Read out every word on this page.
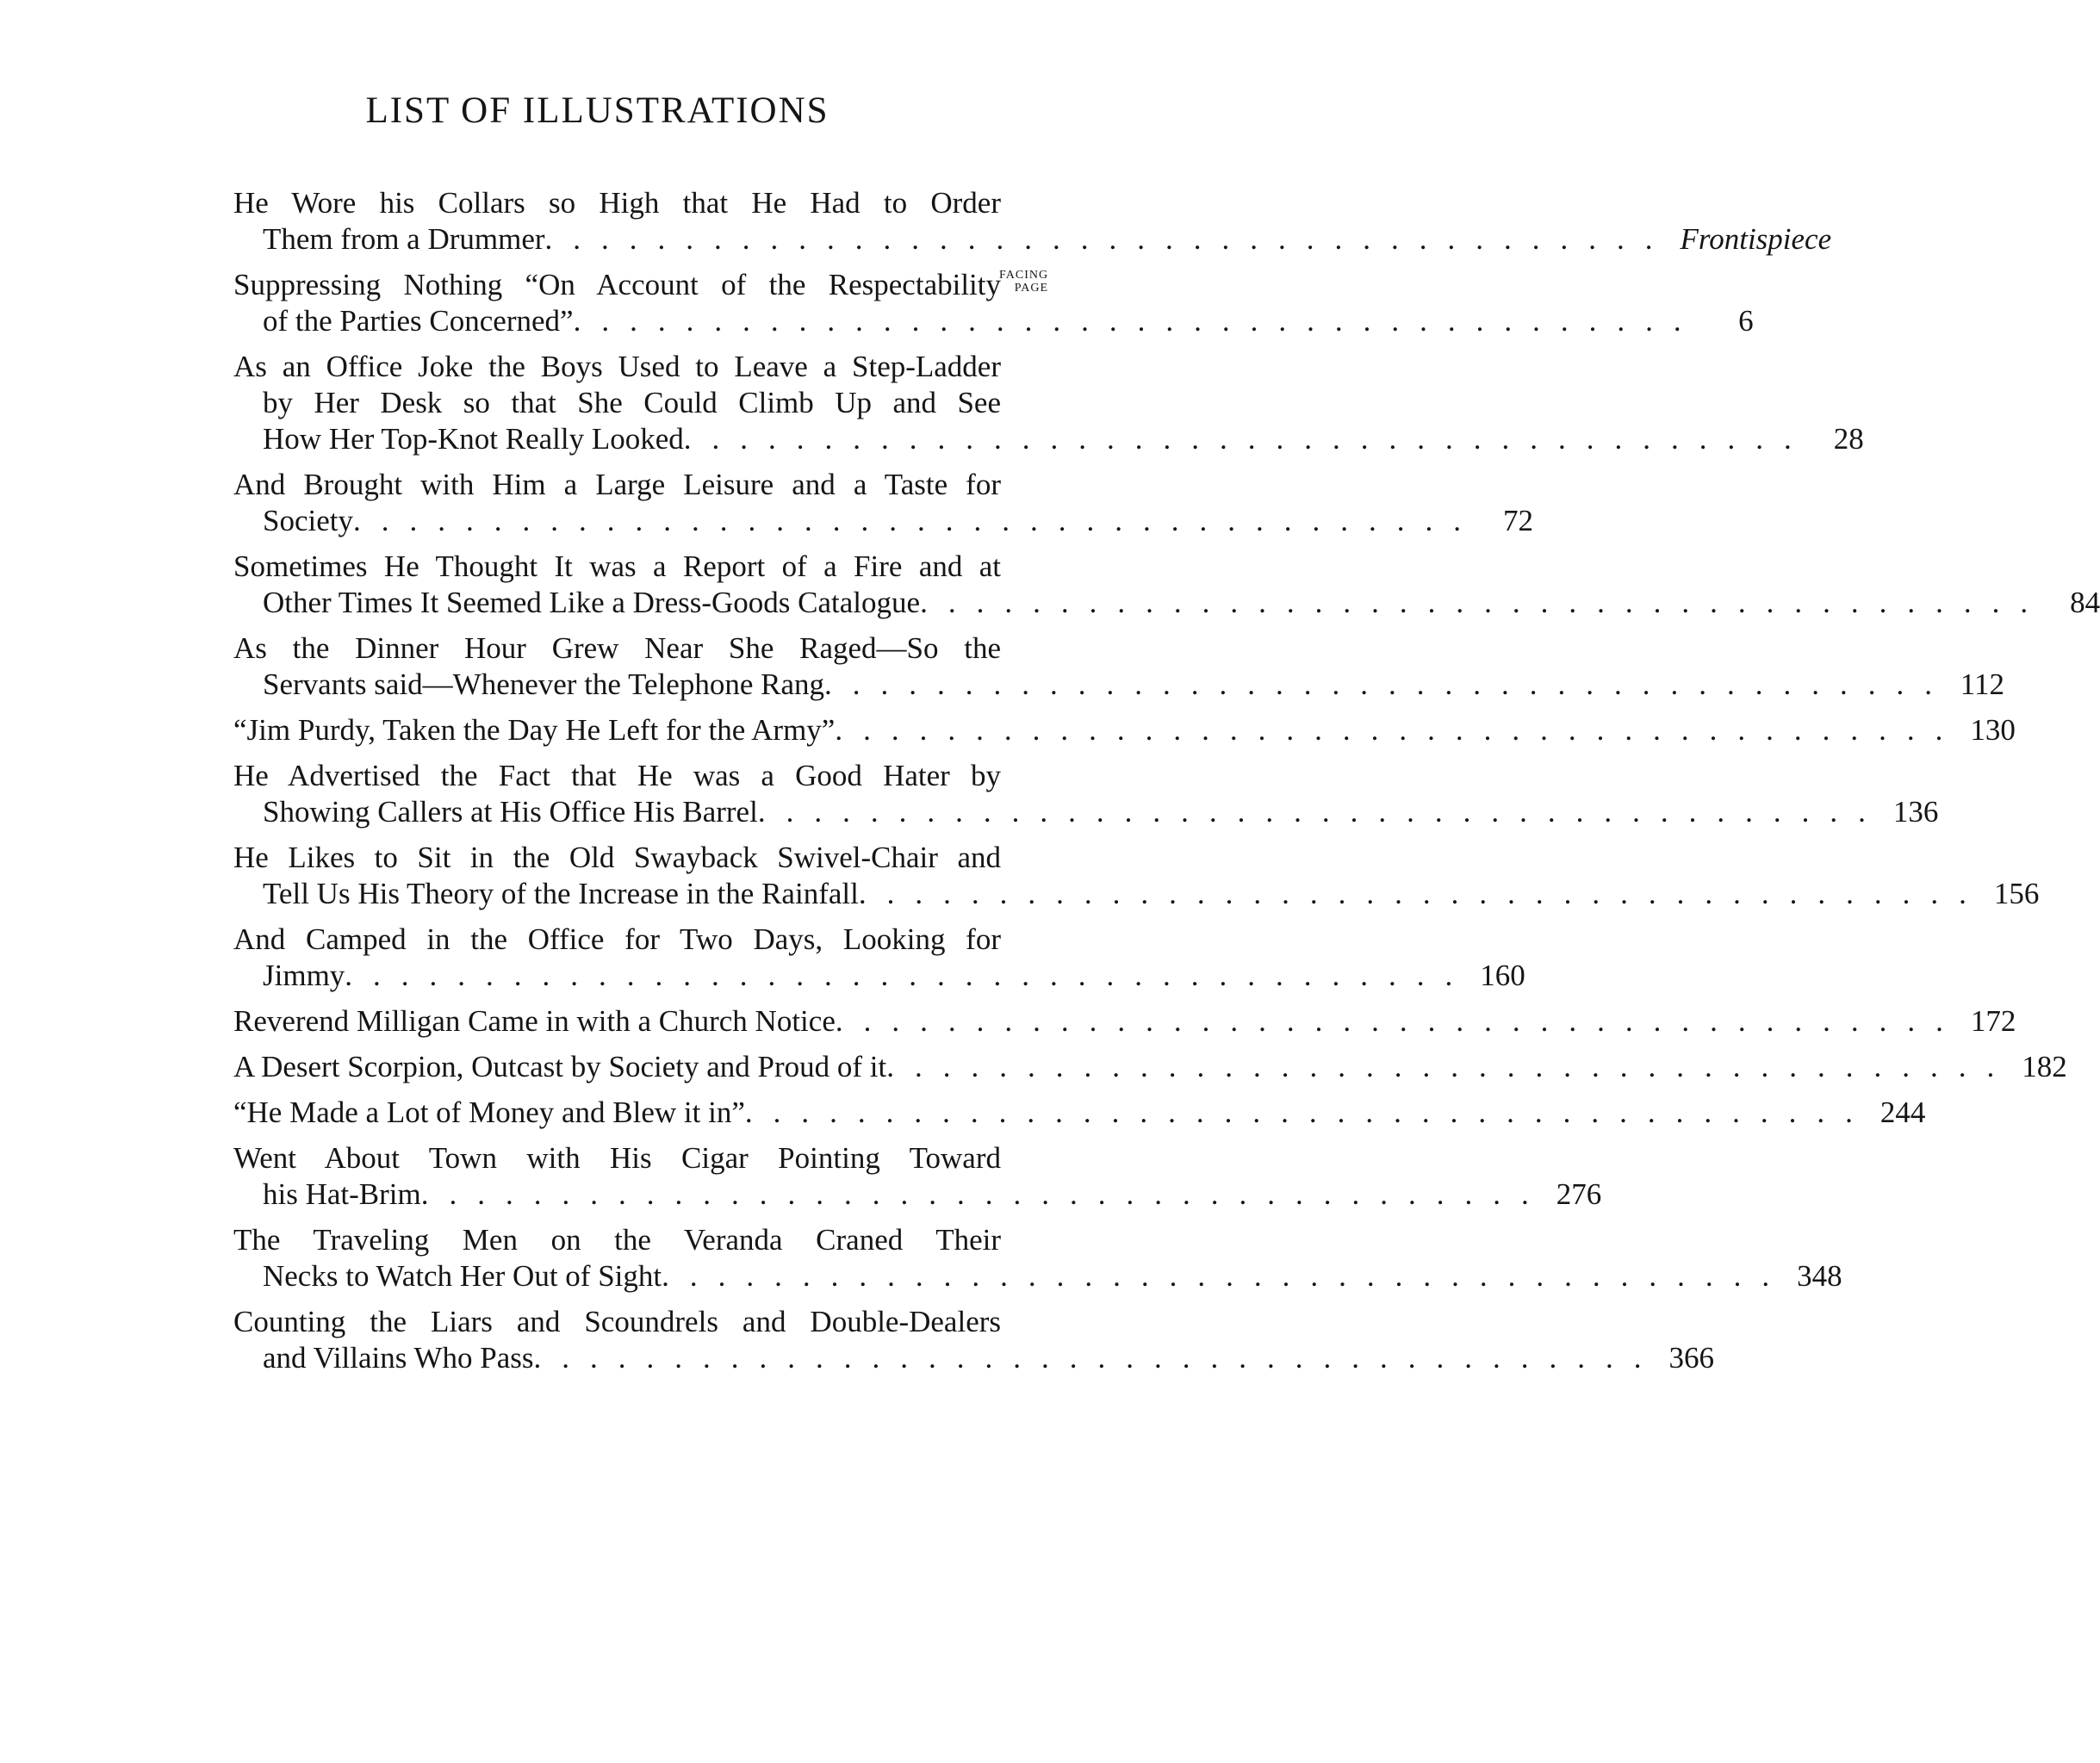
LIST OF ILLUSTRATIONS
He Wore his Collars so High that He Had to Order
Them from a Drummer ........................................ Frontispiece
Suppressing Nothing “On Account of the Respectability
of the Parties Concerned” ........................................	6
As an Office Joke the Boys Used to Leave a Step-Ladder
by Her Desk so that She Could Climb Up and See
How Her Top-Knot Really Looked ........................................ 28
And Brought with Him a Large Leisure and a Taste for
Society ........................................ 72
Sometimes He Thought It was a Report of a Fire and at
Other Times It Seemed Like a Dress-Goods Catalogue ........................................ 84
As the Dinner Hour Grew Near She Raged—So the
Servants said—Whenever the Telephone Rang ........................................ 112
“Jim Purdy, Taken the Day He Left for the Army” ........................................ 130
He Advertised the Fact that He was a Good Hater by
Showing Callers at His Office His Barrel ........................................ 136
He Likes to Sit in the Old Swayback Swivel-Chair and
Tell Us His Theory of the Increase in the Rainfall ........................................ 156
And Camped in the Office for Two Days, Looking for
Jimmy ........................................ 160
Reverend Milligan Came in with a Church Notice ........................................ 172
A Desert Scorpion, Outcast by Society and Proud of it ........................................ 182
“He Made a Lot of Money and Blew it in” ........................................ 244
Went About Town with His Cigar Pointing Toward
his Hat-Brim ........................................ 276
The Traveling Men on the Veranda Craned Their
Necks to Watch Her Out of Sight ........................................ 348
Counting the Liars and Scoundrels and Double-Dealers
and Villains Who Pass ........................................ 366
FACING
PAGE
